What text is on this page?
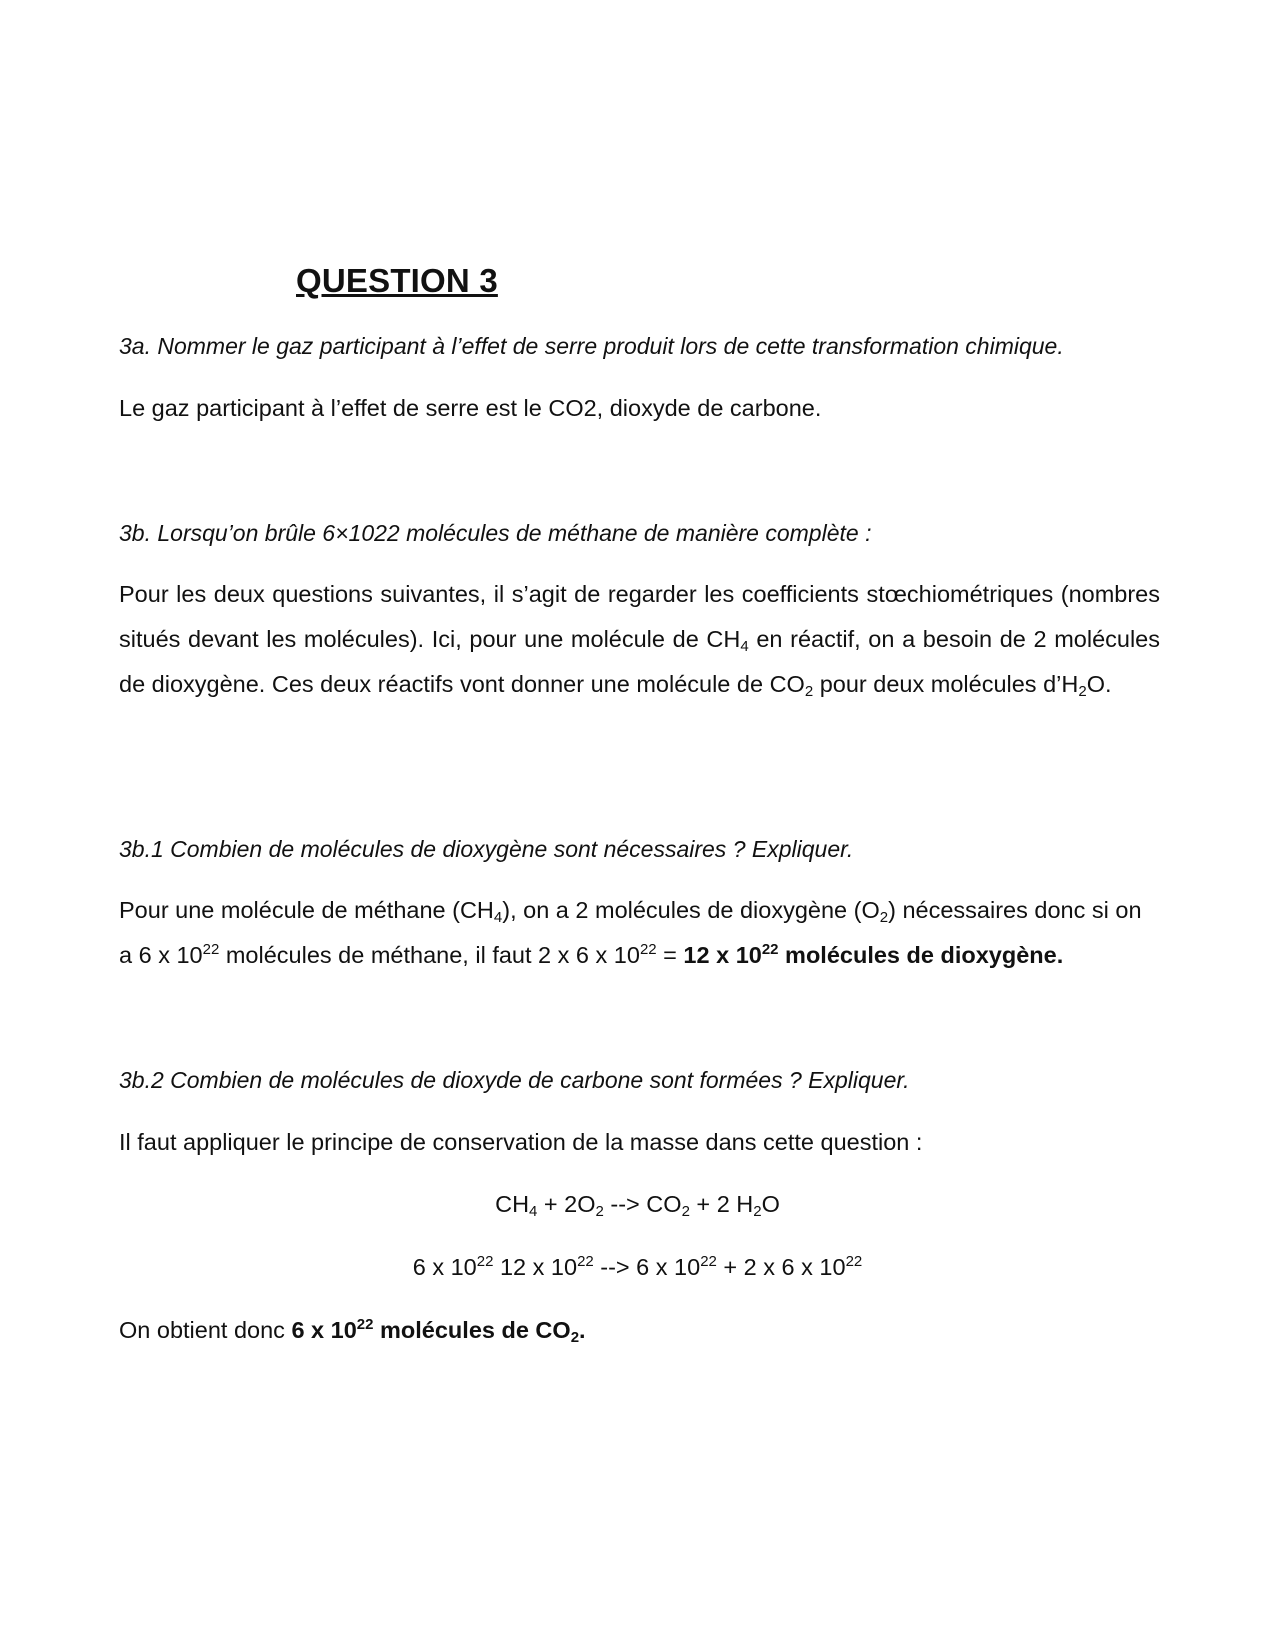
QUESTION 3

3a. Nommer le gaz participant à l’effet de serre produit lors de cette transformation chimique.

Le gaz participant à l’effet de serre est le CO2, dioxyde de carbone.

3b. Lorsqu’on brûle 6×1022 molécules de méthane de manière complète :

Pour les deux questions suivantes, il s’agit de regarder les coefficients stœchiométriques (nombres situés devant les molécules). Ici, pour une molécule de $CH_4$ en réactif, on a besoin de 2 molécules de dioxygène. Ces deux réactifs vont donner une molécule de $CO_2$ pour deux molécules $d’H_2O$.

3b.1 Combien de molécules de dioxygène sont nécessaires ? Expliquer.

Pour une molécule de méthane $(CH_4)$, on a 2 molécules de dioxygène $(O_2)$ nécessaires donc si on a 6 x $10^{22}$ molécules de méthane, il faut 2 x 6 x $10^{22} = 12$ x $10^{22}$ molécules de dioxygène.

3b.2 Combien de molécules de dioxyde de carbone sont formées ? Expliquer.

Il faut appliquer le principe de conservation de la masse dans cette question :

$CH_4 + 2O_2$ --> $CO_2 + 2$ $H_2O$

6 x $10^{22}$ 12 x $10^{22}$ --> 6 x $10^{22} + 2$ x 6 x $10^{22}$

On obtient donc 6 x $10^{22}$ molécules de $CO_2$.
